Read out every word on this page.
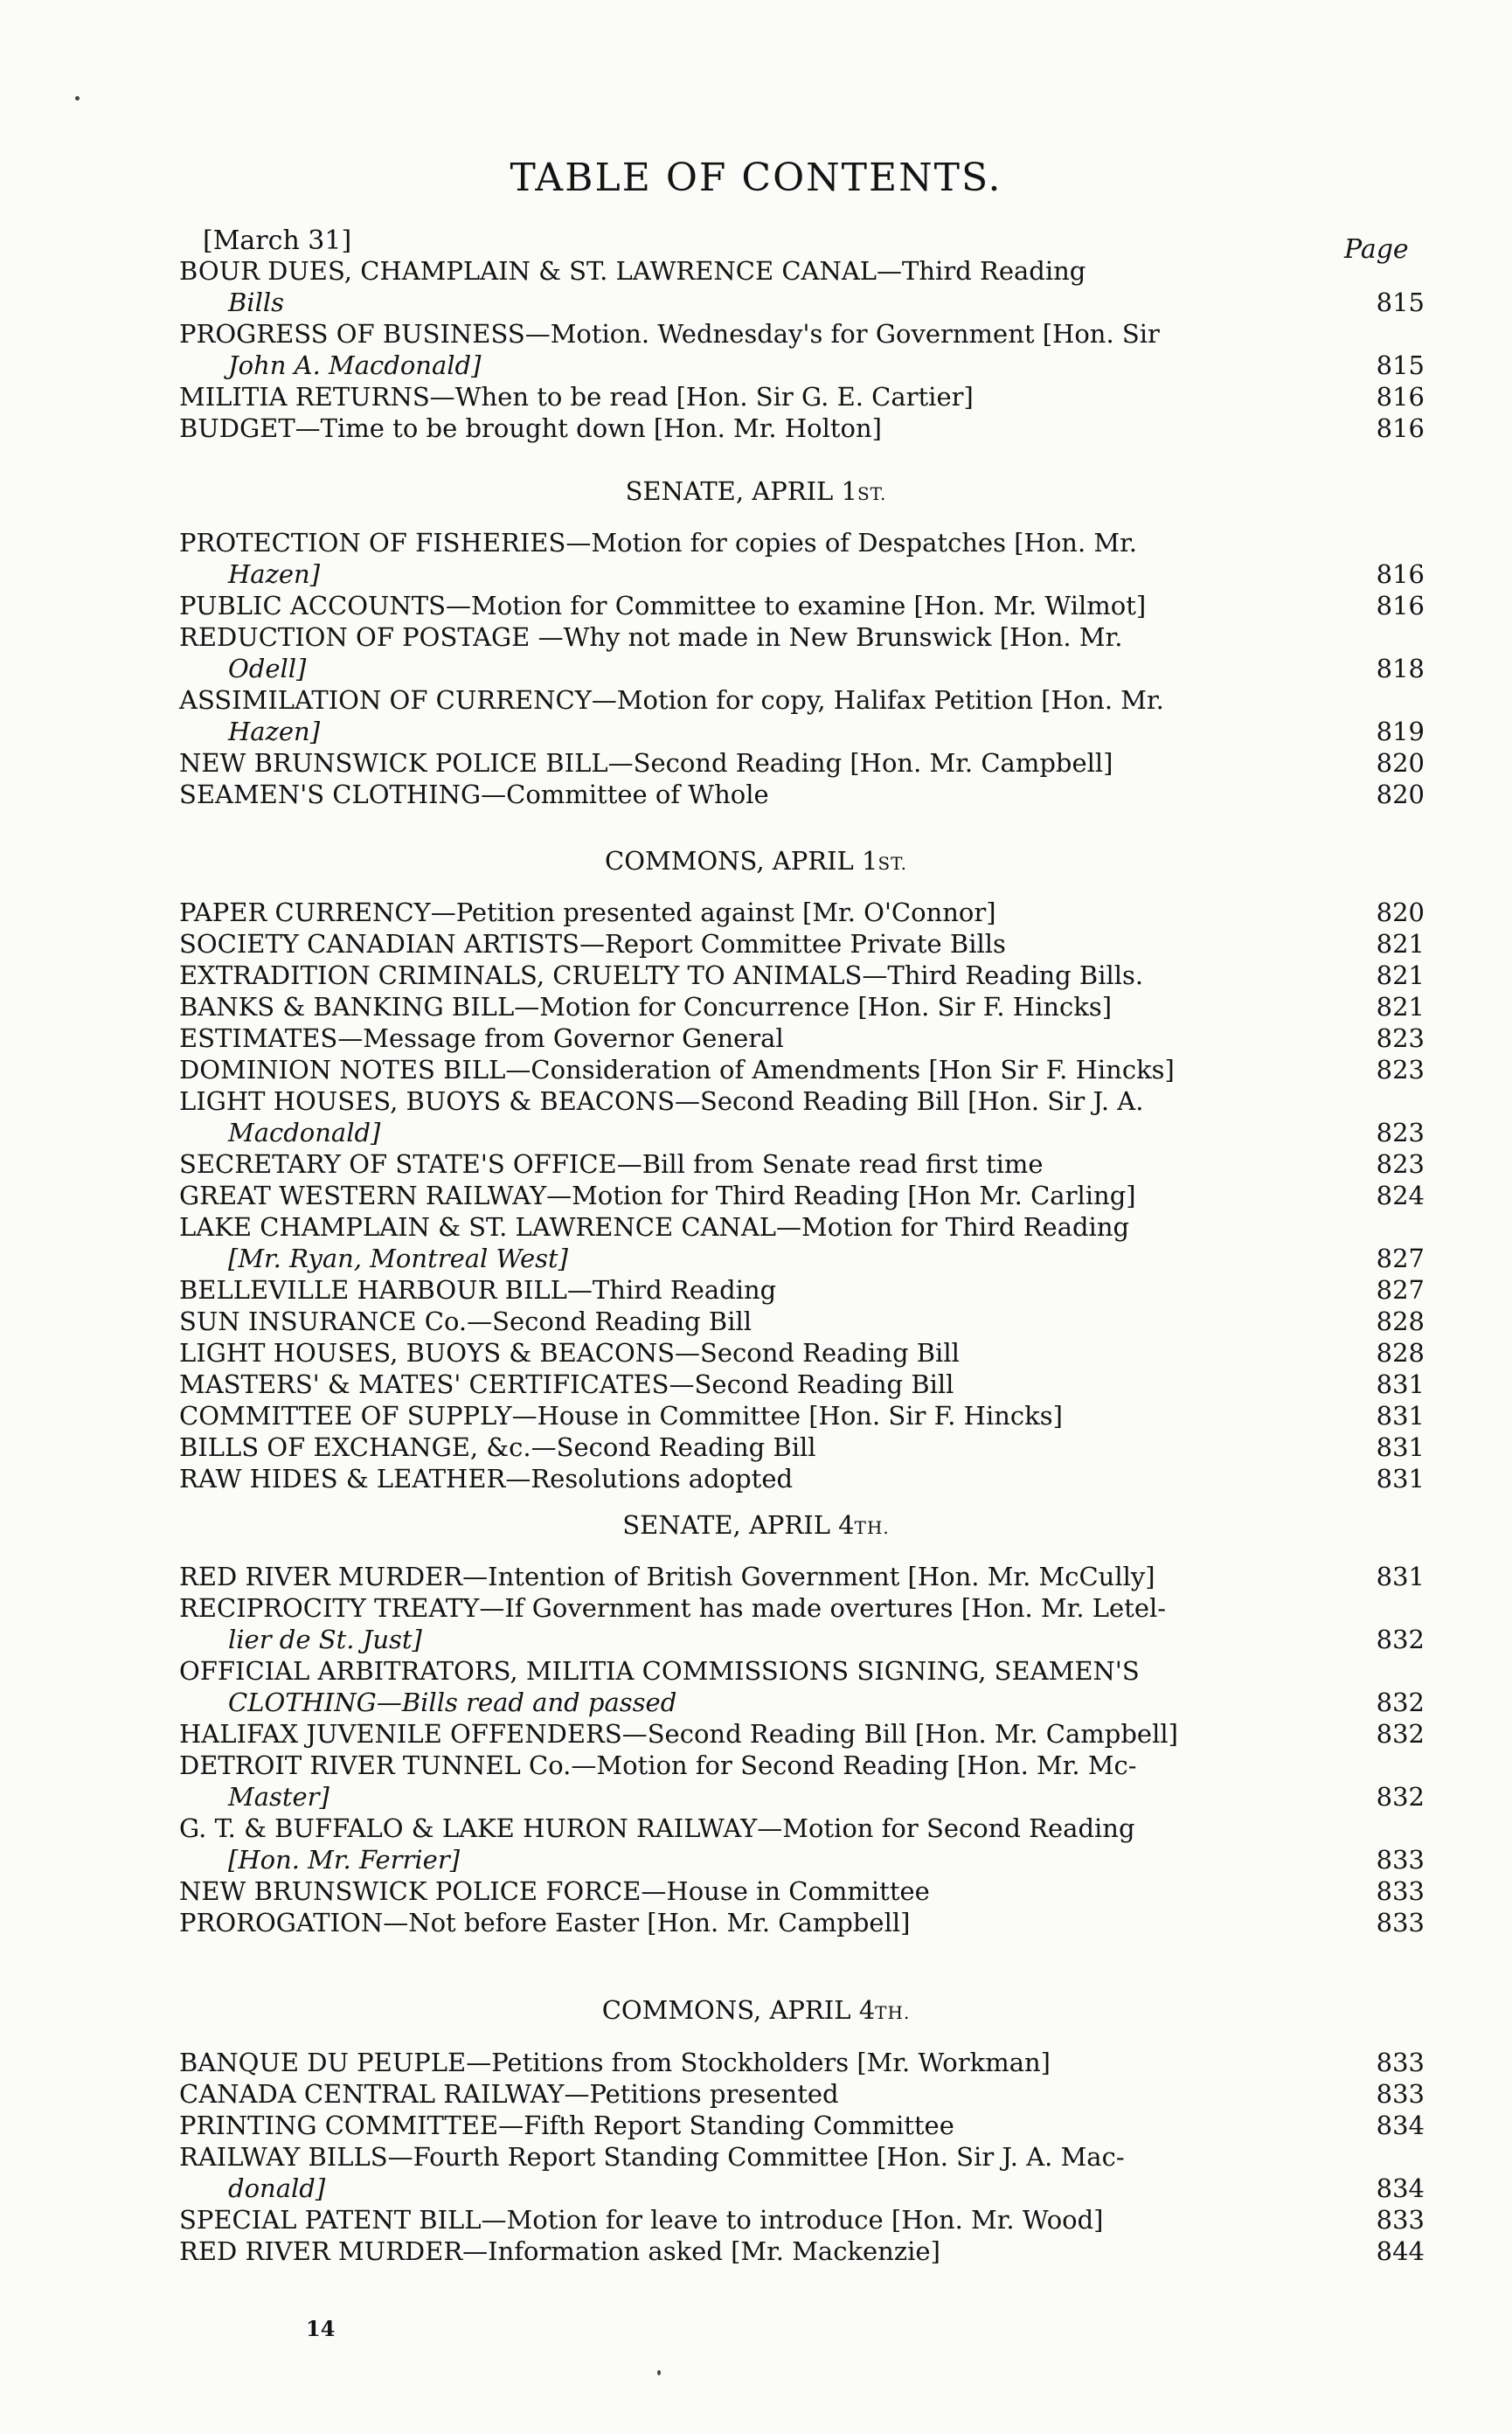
TABLE OF CONTENTS.
[March 31]	Page
BOUR DUES, CHAMPLAIN & ST. LAWRENCE CANAL—Third Reading
Bills	815
PROGRESS OF BUSINESS—Motion. Wednesday's for Government [Hon. Sir
John A. Macdonald]	815
MILITIA RETURNS—When to be read [Hon. Sir G. E. Cartier]	816
BUDGET—Time to be brought down [Hon. Mr. Holton]	816
SENATE, APRIL 1ST.
PROTECTION OF FISHERIES—Motion for copies of Despatches [Hon. Mr.
Hazen]	816
PUBLIC ACCOUNTS—Motion for Committee to examine [Hon. Mr. Wilmot]	816
REDUCTION OF POSTAGE —Why not made in New Brunswick [Hon. Mr.
Odell]	818
ASSIMILATION OF CURRENCY—Motion for copy, Halifax Petition [Hon. Mr.
Hazen]	819
NEW BRUNSWICK POLICE BILL—Second Reading [Hon. Mr. Campbell]	820
SEAMEN'S CLOTHING—Committee of Whole	820
COMMONS, APRIL 1ST.
PAPER CURRENCY—Petition presented against [Mr. O'Connor]	820
SOCIETY CANADIAN ARTISTS—Report Committee Private Bills	821
EXTRADITION CRIMINALS, CRUELTY TO ANIMALS—Third Reading Bills.	821
BANKS & BANKING BILL—Motion for Concurrence [Hon. Sir F. Hincks]	821
ESTIMATES—Message from Governor General	823
DOMINION NOTES BILL—Consideration of Amendments [Hon Sir F. Hincks]	823
LIGHT HOUSES, BUOYS & BEACONS—Second Reading Bill [Hon. Sir J. A.
Macdonald]	823
SECRETARY OF STATE'S OFFICE—Bill from Senate read first time	823
GREAT WESTERN RAILWAY—Motion for Third Reading [Hon Mr. Carling]	824
LAKE CHAMPLAIN & ST. LAWRENCE CANAL—Motion for Third Reading
[Mr. Ryan, Montreal West]	827
BELLEVILLE HARBOUR BILL—Third Reading	827
SUN INSURANCE Co.—Second Reading Bill	828
LIGHT HOUSES, BUOYS & BEACONS—Second Reading Bill	828
MASTERS' & MATES' CERTIFICATES—Second Reading Bill	831
COMMITTEE OF SUPPLY—House in Committee [Hon. Sir F. Hincks]	831
BILLS OF EXCHANGE, &c.—Second Reading Bill	831
RAW HIDES & LEATHER—Resolutions adopted	831
SENATE, APRIL 4TH.
RED RIVER MURDER—Intention of British Government [Hon. Mr. McCully]	831
RECIPROCITY TREATY—If Government has made overtures [Hon. Mr. Letel-
lier de St. Just]	832
OFFICIAL ARBITRATORS, MILITIA COMMISSIONS SIGNING, SEAMEN'S
CLOTHING—Bills read and passed	832
HALIFAX JUVENILE OFFENDERS—Second Reading Bill [Hon. Mr. Campbell]	832
DETROIT RIVER TUNNEL Co.—Motion for Second Reading [Hon. Mr. Mc-
Master]	832
G. T. & BUFFALO & LAKE HURON RAILWAY—Motion for Second Reading
[Hon. Mr. Ferrier]	833
NEW BRUNSWICK POLICE FORCE—House in Committee	833
PROROGATION—Not before Easter [Hon. Mr. Campbell]	833
COMMONS, APRIL 4TH.
BANQUE DU PEUPLE—Petitions from Stockholders [Mr. Workman]	833
CANADA CENTRAL RAILWAY—Petitions presented	833
PRINTING COMMITTEE—Fifth Report Standing Committee	834
RAILWAY BILLS—Fourth Report Standing Committee [Hon. Sir J. A. Mac-
donald]	834
SPECIAL PATENT BILL—Motion for leave to introduce [Hon. Mr. Wood]	833
RED RIVER MURDER—Information asked [Mr. Mackenzie]	844
14
